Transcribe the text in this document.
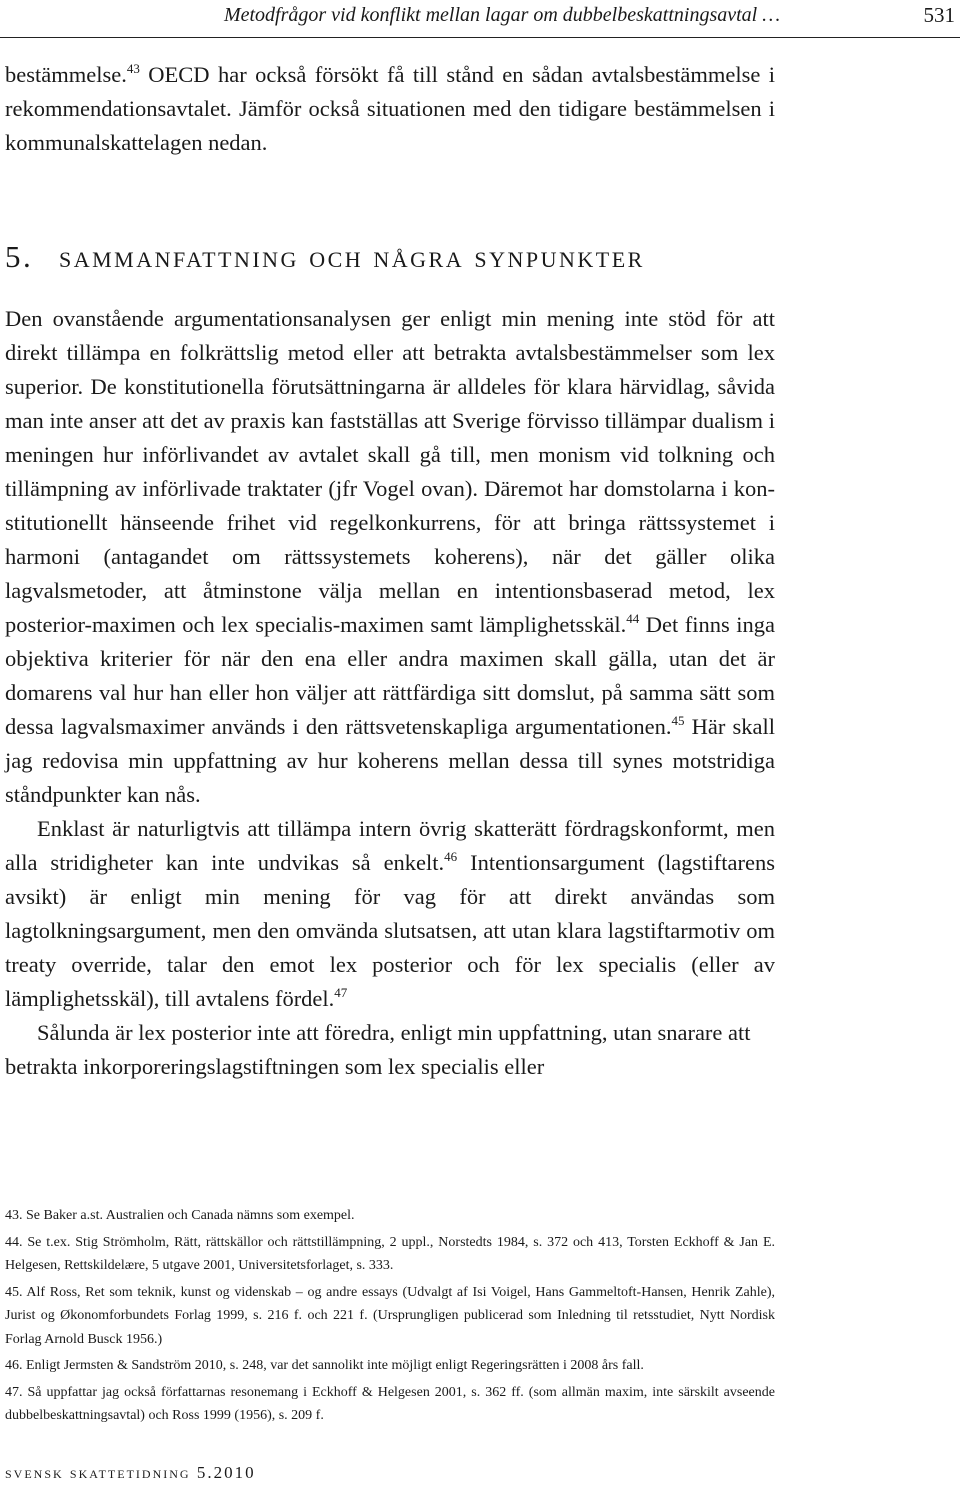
Metodfrågor vid konflikt mellan lagar om dubbelbeskattningsavtal …	531

bestämmelse.$^{43}$ OECD har också försökt få till stånd en sådan avtalsbestämmelse i rekommendationsavtalet. Jämför också situationen med den tidigare bestämmelsen i kommunalskattelagen nedan.

5. sammanfattning och några synpunkter

Den ovanstående argumentationsanalysen ger enligt min mening inte stöd för att direkt tillämpa en folkrättslig metod eller att betrakta avtalsbestämmelser som lex superior. De konstitutionella förutsättningarna är alldeles för klara härvidlag, såvida man inte anser att det av praxis kan fastställas att Sverige förvisso tillämpar dualism i meningen hur införlivandet av avtalet skall gå till, men monism vid tolkning och tillämpning av införlivade traktater (jfr Vogel ovan). Däremot har domstolarna i konstitutionellt hänseende frihet vid regelkonkurrens, för att bringa rättssystemet i harmoni (antagandet om rättssystemets koherens), när det gäller olika lagvalsmetoder, att åtminstone välja mellan en intentionsbaserad metod, lex posterior-maximen och lex specialis-maximen samt lämplighetsskäl.$^{44}$ Det finns inga objektiva kriterier för när den ena eller andra maximen skall gälla, utan det är domarens val hur han eller hon väljer att rättfärdiga sitt domslut, på samma sätt som dessa lagvalsmaximer används i den rättsvetenskapliga argumentationen.$^{45}$ Här skall jag redovisa min uppfattning av hur koherens mellan dessa till synes motstridiga ståndpunkter kan nås.

Enklast är naturligtvis att tillämpa intern övrig skatterätt fördragskonformt, men alla stridigheter kan inte undvikas så enkelt.$^{46}$ Intentionsargument (lagstiftarens avsikt) är enligt min mening för vag för att direkt användas som lagtolkningsargument, men den omvända slutsatsen, att utan klara lagstiftarmotiv om treaty override, talar den emot lex posterior och för lex specialis (eller av lämplighetsskäl), till avtalens fördel.$^{47}$

Sålunda är lex posterior inte att föredra, enligt min uppfattning, utan snarare att betrakta inkorporeringslagstiftningen som lex specialis eller

43. Se Baker a.st. Australien och Canada nämns som exempel.

44. Se t.ex. Stig Strömholm, Rätt, rättskällor och rättstillämpning, 2 uppl., Norstedts 1984, s. 372 och 413, Torsten Eckhoff & Jan E. Helgesen, Rettskildelære, 5 utgave 2001, Universitetsforlaget, s. 333.

45. Alf Ross, Ret som teknik, kunst og videnskab – og andre essays (Udvalgt af Isi Voigel, Hans Gammeltoft-Hansen, Henrik Zahle), Jurist og Økonomforbundets Forlag 1999, s. 216 f. och 221 f. (Ursprungligen publicerad som Inledning til retsstudiet, Nytt Nordisk Forlag Arnold Busck 1956.)

46. Enligt Jermsten & Sandström 2010, s. 248, var det sannolikt inte möjligt enligt Regeringsrätten i 2008 års fall.

47. Så uppfattar jag också författarnas resonemang i Eckhoff & Helgesen 2001, s. 362 ff. (som allmän maxim, inte särskilt avseende dubbelbeskattningsavtal) och Ross 1999 (1956), s. 209 f.

svensk skattetidning 5.2010
